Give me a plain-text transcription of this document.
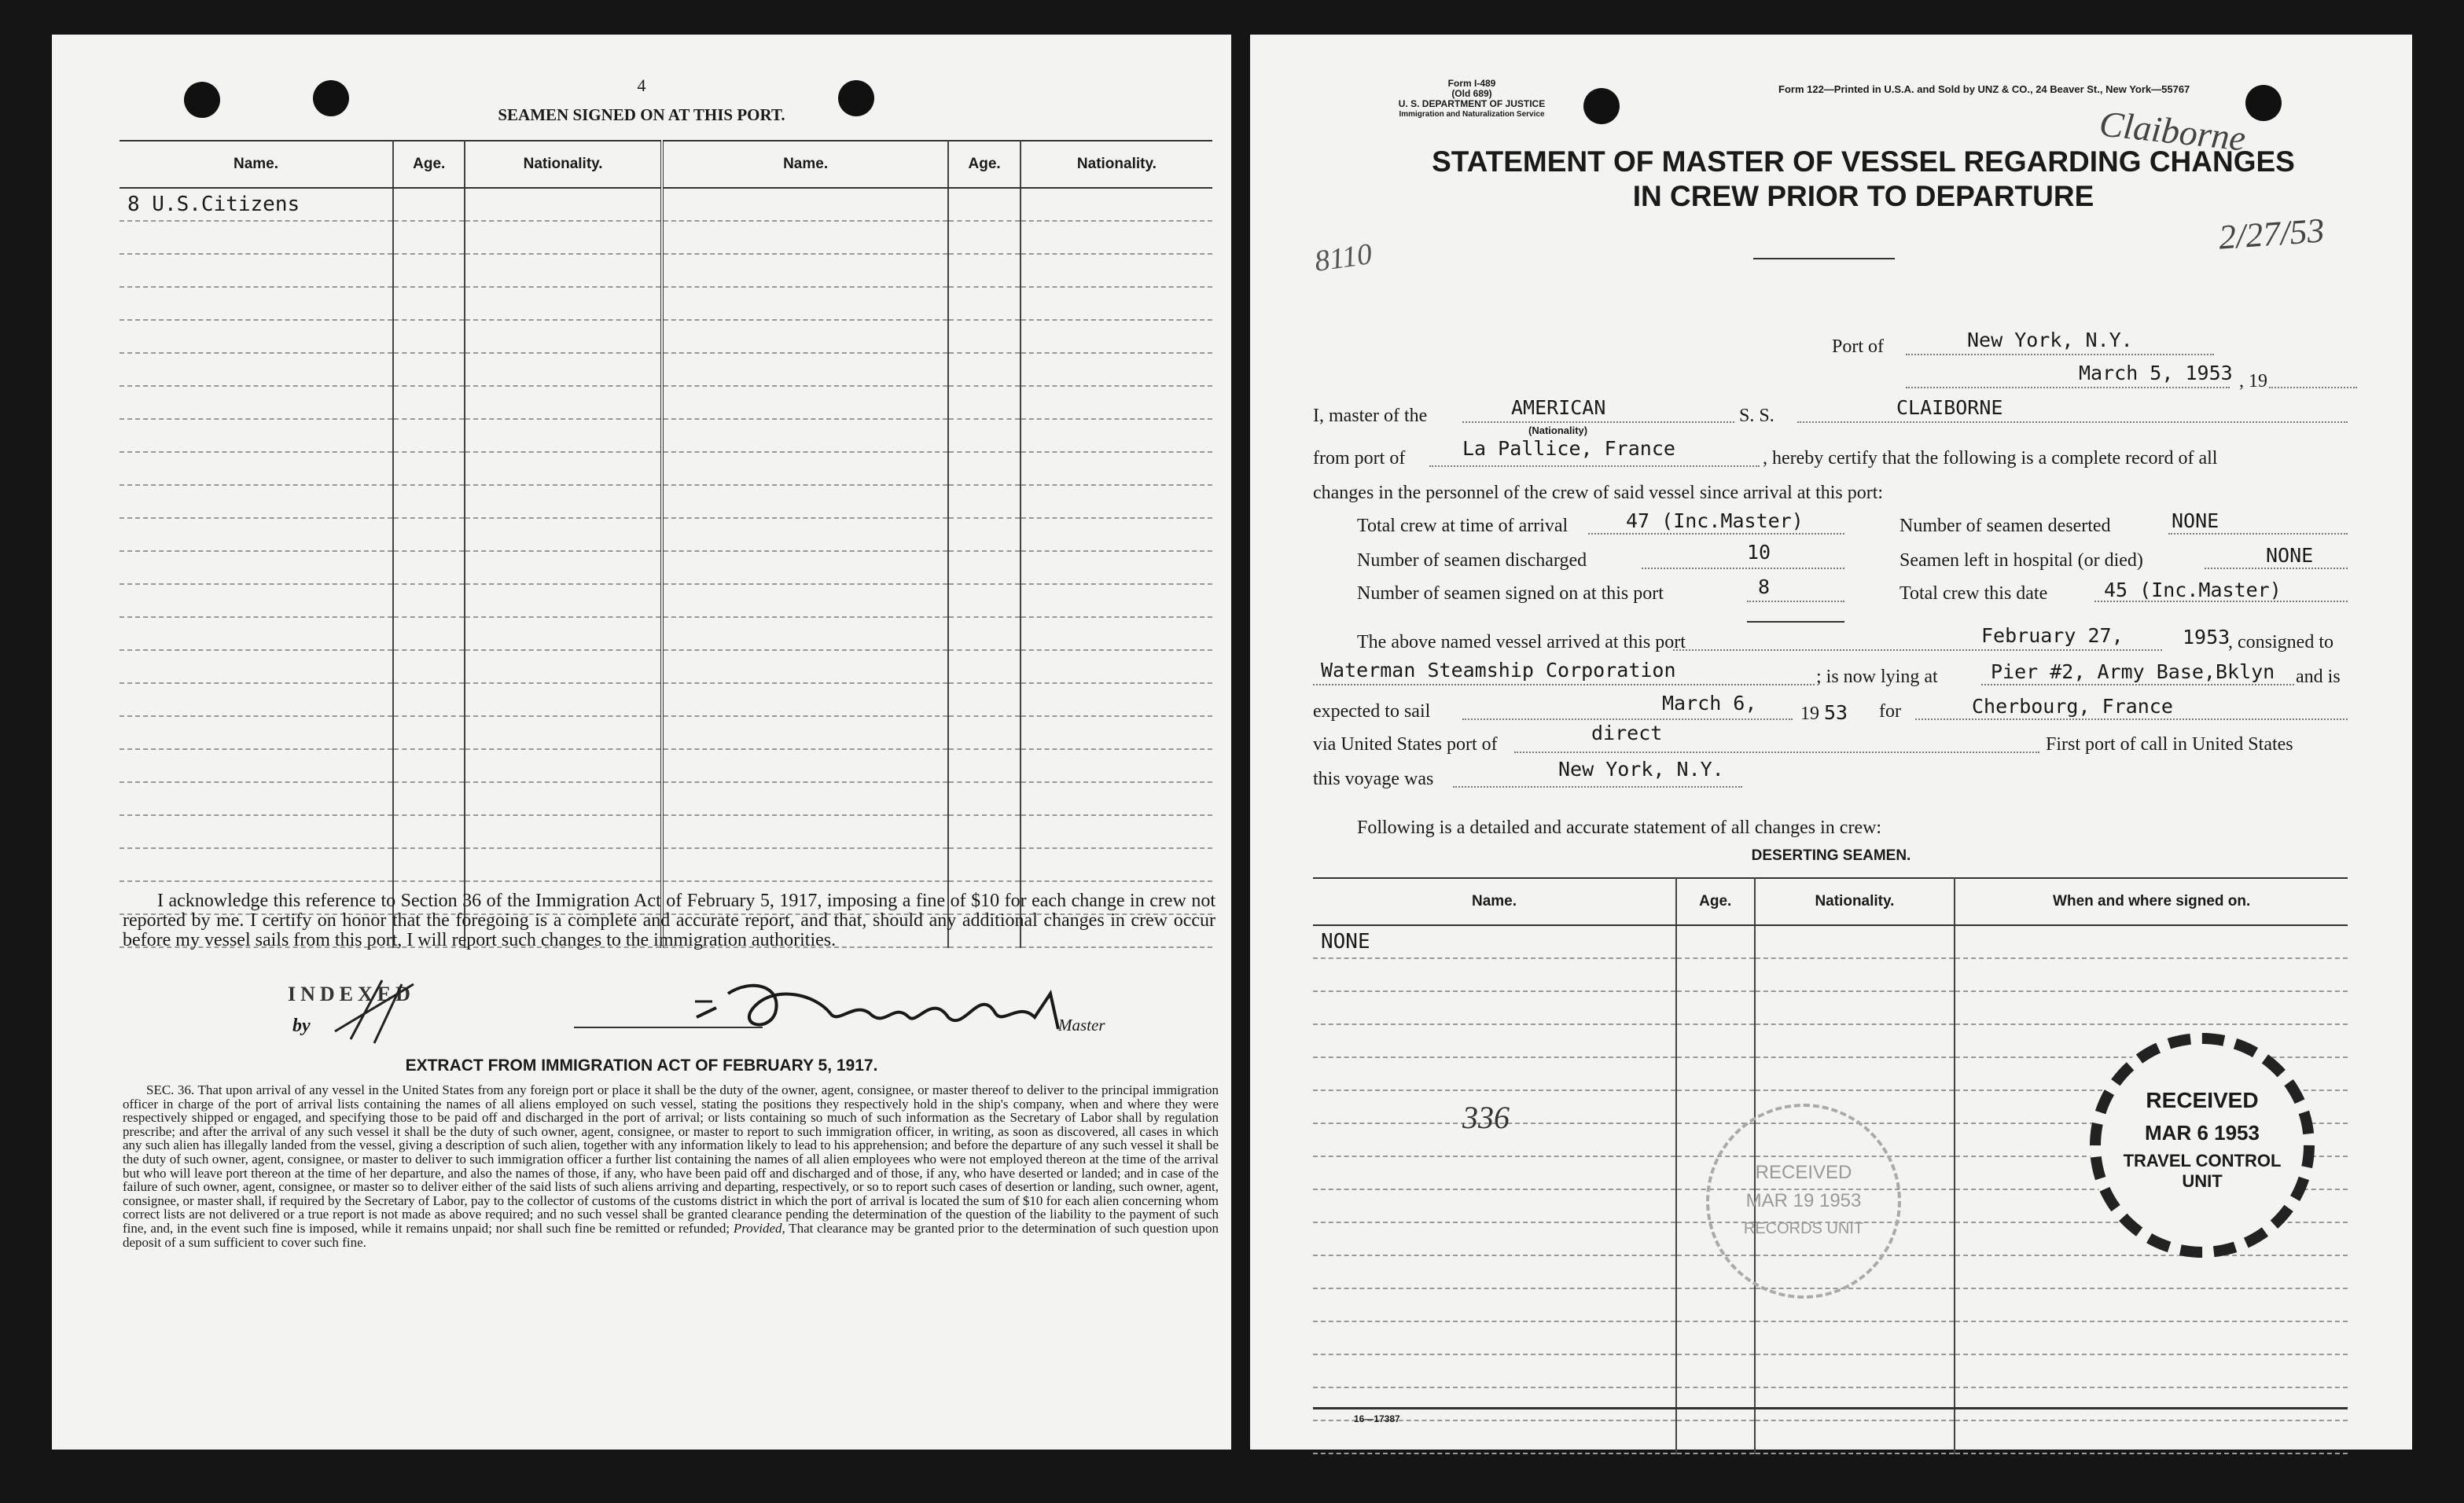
4
SEAMEN SIGNED ON AT THIS PORT.
Name.	Age.	Nationality.	Name.	Age.	Nationality.
8 U.S.Citizens					

I acknowledge this reference to Section 36 of the Immigration Act of February 5, 1917, imposing a fine of $10 for each change in crew not reported by me. I certify on honor that the foregoing is a complete and accurate report, and that, should any additional changes in crew occur before my vessel sails from this port, I will report such changes to the immigration authorities.
INDEXED
by	Master
EXTRACT FROM IMMIGRATION ACT OF FEBRUARY 5, 1917.
SEC. 36. That upon arrival of any vessel in the United States from any foreign port or place it shall be the duty of the owner, agent, consignee, or master thereof to deliver to the principal immigration officer in charge of the port of arrival lists containing the names of all aliens employed on such vessel, stating the positions they respectively hold in the ship's company, when and where they were respectively shipped or engaged, and specifying those to be paid off and discharged in the port of arrival; or lists containing so much of such information as the Secretary of Labor shall by regulation prescribe; and after the arrival of any such vessel it shall be the duty of such owner, agent, consignee, or master to report to such immigration officer, in writing, as soon as discovered, all cases in which any such alien has illegally landed from the vessel, giving a description of such alien, together with any information likely to lead to his apprehension; and before the departure of any such vessel it shall be the duty of such owner, agent, consignee, or master to deliver to such immigration officer a further list containing the names of all alien employees who were not employed thereon at the time of the arrival but who will leave port thereon at the time of her departure, and also the names of those, if any, who have been paid off and discharged and of those, if any, who have deserted or landed; and in case of the failure of such owner, agent, consignee, or master so to deliver either of the said lists of such aliens arriving and departing, respectively, or so to report such cases of desertion or landing, such owner, agent, consignee, or master shall, if required by the Secretary of Labor, pay to the collector of customs of the customs district in which the port of arrival is located the sum of $10 for each alien concerning whom correct lists are not delivered or a true report is not made as above required; and no such vessel shall be granted clearance pending the determination of the question of the liability to the payment of such fine, and, in the event such fine is imposed, while it remains unpaid; nor shall such fine be remitted or refunded; Provided, That clearance may be granted prior to the determination of such question upon deposit of a sum sufficient to cover such fine.
Form I-489
(Old 689)
U. S. DEPARTMENT OF JUSTICE
Immigration and Naturalization Service
Form 122—Printed in U.S.A. and Sold by UNZ & CO., 24 Beaver St., New York—55767
Claiborne
2/27/53
8110
STATEMENT OF MASTER OF VESSEL REGARDING CHANGES
IN CREW PRIOR TO DEPARTURE
Port of	New York, N.Y.
March 5, 1953 , 19
I, master of the	AMERICAN
(Nationality)
S. S.	CLAIBORNE
from port of	La Pallice, France	, hereby certify that the following is a complete record of all
changes in the personnel of the crew of said vessel since arrival at this port:
Total crew at time of arrival	47 (Inc.Master)	Number of seamen deserted	NONE
Number of seamen discharged	10	Seamen left in hospital (or died)	NONE
Number of seamen signed on at this port	8	Total crew this date	45 (Inc.Master)
The above named vessel arrived at this port	February 27,	1953
, consigned to
Waterman Steamship Corporation	; is now lying at	Pier #2, Army Base,Bklyn and is
expected to sail	March 6, 19 53 for	Cherbourg, France
direct
via United States port of	First port of call in United States
this voyage was	New York, N.Y.
Following is a detailed and accurate statement of all changes in crew:
DESERTING SEAMEN.
Name.	Age.	Nationality.	When and where signed on.
NONE			

336
RECEIVED
MAR 19 1953
RECORDS UNIT
RECEIVED
MAR 6 1953
TRAVEL CONTROL UNIT
16—17387
